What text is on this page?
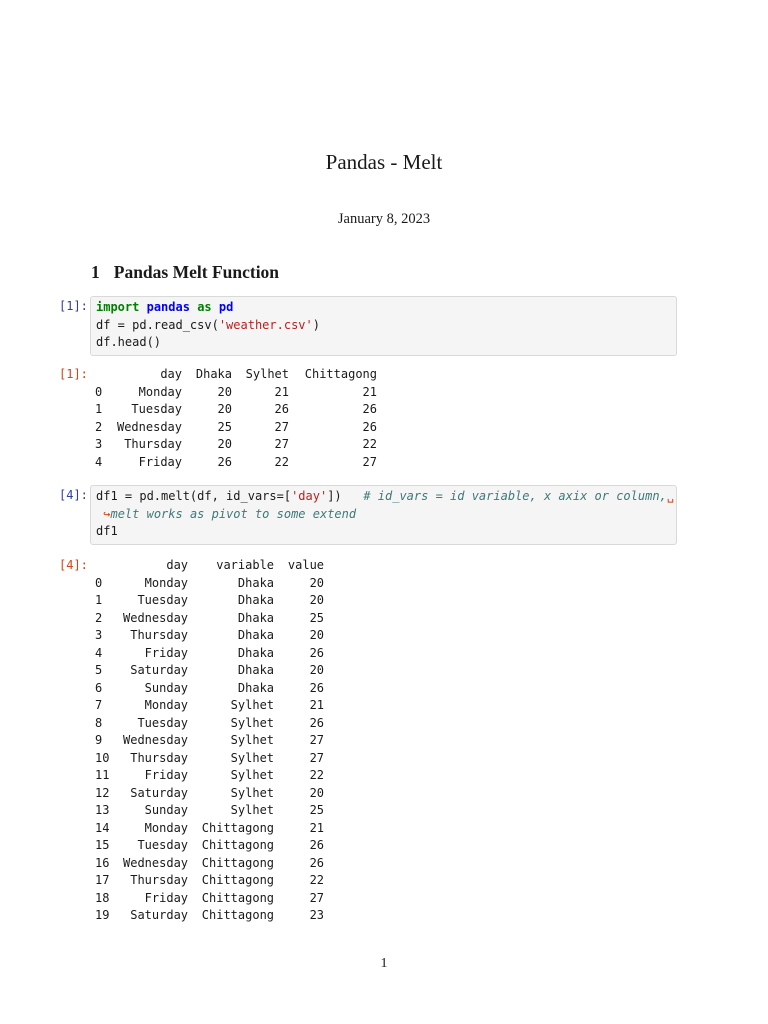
Pandas - Melt
January 8, 2023
1 Pandas Melt Function
[1]: import pandas as pd
df = pd.read_csv('weather.csv')
df.head()
[1]:
		day	Dhaka	Sylhet	Chittagong
0	Monday	20	21	21
1	Tuesday	20	26	26
2	Wednesday	25	27	26
3	Thursday	20	27	22
4	Friday	26	22	27
[4]: df1 = pd.melt(df, id_vars=['day'])   # id_vars = id variable, x axix or column,␣
↪melt works as pivot to some extend
df1
[4]:
		day	variable	value
0	Monday	Dhaka	20
1	Tuesday	Dhaka	20
2	Wednesday	Dhaka	25
3	Thursday	Dhaka	20
4	Friday	Dhaka	26
5	Saturday	Dhaka	20
6	Sunday	Dhaka	26
7	Monday	Sylhet	21
8	Tuesday	Sylhet	26
9	Wednesday	Sylhet	27
10	Thursday	Sylhet	27
11	Friday	Sylhet	22
12	Saturday	Sylhet	20
13	Sunday	Sylhet	25
14	Monday	Chittagong	21
15	Tuesday	Chittagong	26
16	Wednesday	Chittagong	26
17	Thursday	Chittagong	22
18	Friday	Chittagong	27
19	Saturday	Chittagong	23
1
